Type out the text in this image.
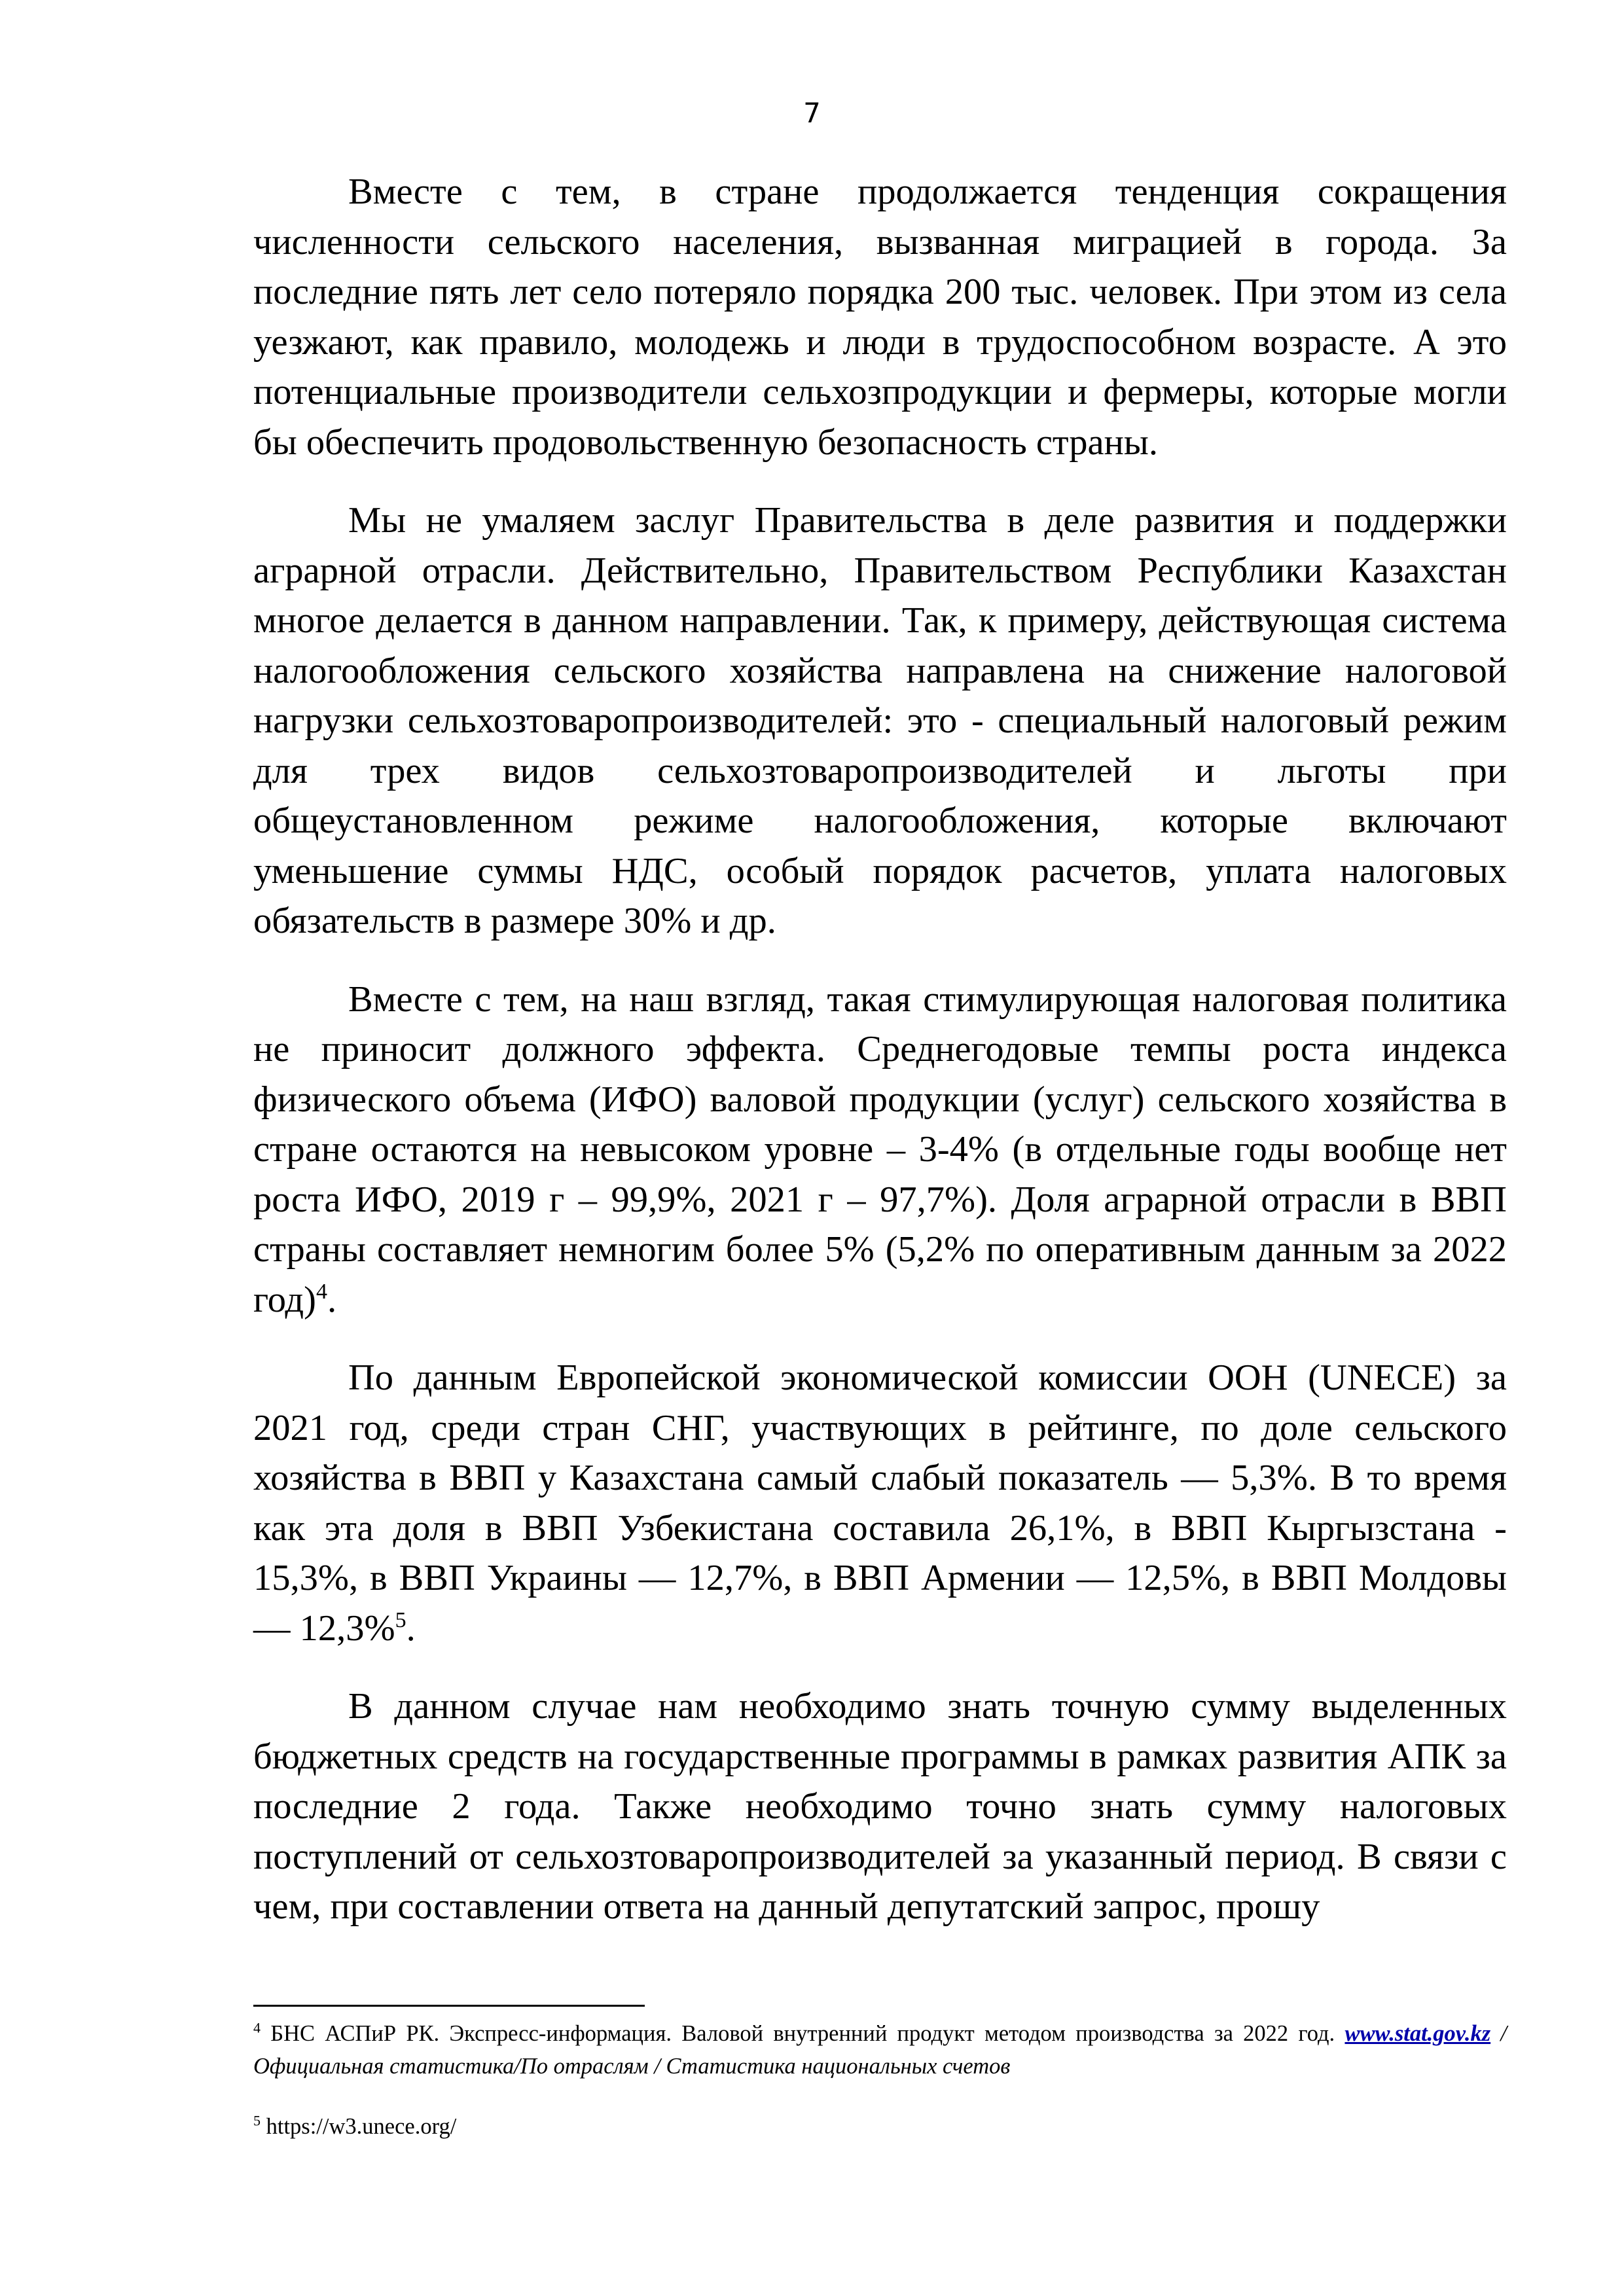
7

Вместе с тем, в стране продолжается тенденция сокращения численности сельского населения, вызванная миграцией в города. За последние пять лет село потеряло порядка 200 тыс. человек. При этом из села уезжают, как правило, молодежь и люди в трудоспособном возрасте. А это потенциальные производители сельхозпродукции и фермеры, которые могли бы обеспечить продовольственную безопасность страны.

Мы не умаляем заслуг Правительства в деле развития и поддержки аграрной отрасли. Действительно, Правительством Республики Казахстан многое делается в данном направлении. Так, к примеру, действующая система налогообложения сельского хозяйства направлена на снижение налоговой нагрузки сельхозтоваропроизводителей: это - специальный налоговый режим для трех видов сельхозтоваропроизводителей и льготы при общеустановленном режиме налогообложения, которые включают уменьшение суммы НДС, особый порядок расчетов, уплата налоговых обязательств в размере 30% и др.

Вместе с тем, на наш взгляд, такая стимулирующая налоговая политика не приносит должного эффекта. Среднегодовые темпы роста индекса физического объема (ИФО) валовой продукции (услуг) сельского хозяйства в стране остаются на невысоком уровне – 3-4% (в отдельные годы вообще нет роста ИФО, 2019 г – 99,9%, 2021 г – 97,7%). Доля аграрной отрасли в ВВП страны составляет немногим более 5% (5,2% по оперативным данным за 2022 год)$^4$.

По данным Европейской экономической комиссии ООН (UNECE) за 2021 год, среди стран СНГ, участвующих в рейтинге, по доле сельского хозяйства в ВВП у Казахстана самый слабый показатель — 5,3%. В то время как эта доля в ВВП Узбекистана составила 26,1%, в ВВП Кыргызстана - 15,3%, в ВВП Украины — 12,7%, в ВВП Армении — 12,5%, в ВВП Молдовы — 12,3%$^5$.

В данном случае нам необходимо знать точную сумму выделенных бюджетных средств на государственные программы в рамках развития АПК за последние 2 года. Также необходимо точно знать сумму налоговых поступлений от сельхозтоваропроизводителей за указанный период. В связи с чем, при составлении ответа на данный депутатский запрос, прошу

$^4$ БНС АСПиР РК. Экспресс-информация. Валовой внутренний продукт методом производства за 2022 год. www.stat.gov.kz /Официальная статистика/По отраслям / Статистика национальных счетов

$^5$ https://w3.unece.org/
